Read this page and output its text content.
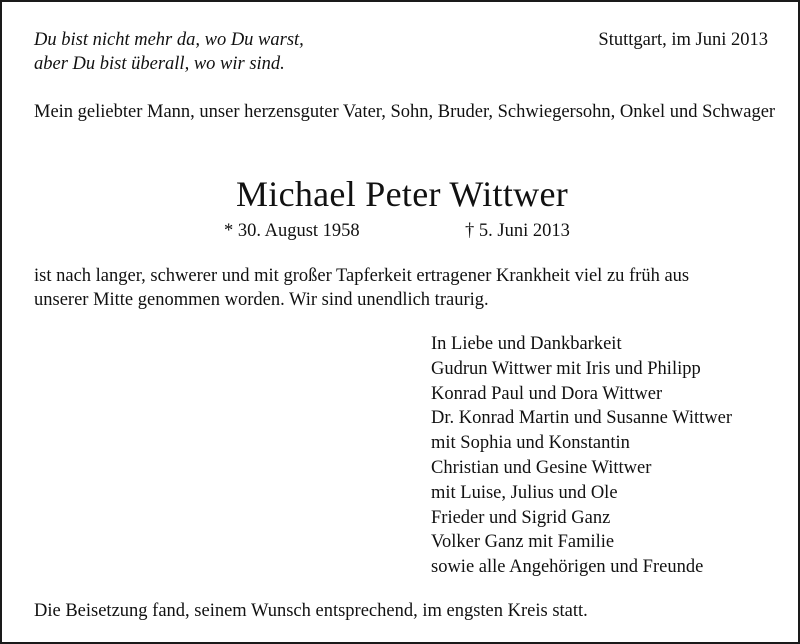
Du bist nicht mehr da, wo Du warst,
aber Du bist überall, wo wir sind.
Stuttgart, im Juni 2013
Mein geliebter Mann, unser herzensguter Vater, Sohn, Bruder, Schwiegersohn, Onkel und Schwager
Michael Peter Wittwer
* 30. August 1958	† 5. Juni 2013
ist nach langer, schwerer und mit großer Tapferkeit ertragener Krankheit viel zu früh aus
unserer Mitte genommen worden. Wir sind unendlich traurig.
In Liebe und Dankbarkeit
Gudrun Wittwer mit Iris und Philipp
Konrad Paul und Dora Wittwer
Dr. Konrad Martin und Susanne Wittwer
mit Sophia und Konstantin
Christian und Gesine Wittwer
mit Luise, Julius und Ole
Frieder und Sigrid Ganz
Volker Ganz mit Familie
sowie alle Angehörigen und Freunde
Die Beisetzung fand, seinem Wunsch entsprechend, im engsten Kreis statt.
